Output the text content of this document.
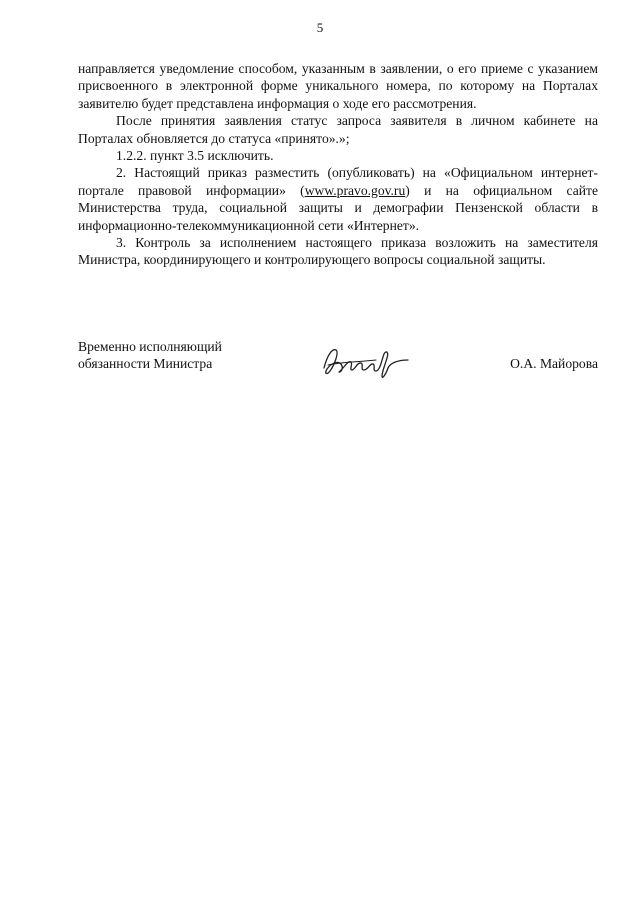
5

направляется уведомление способом, указанным в заявлении, о его приеме с указанием присвоенного в электронной форме уникального номера, по которому на Порталах заявителю будет представлена информация о ходе его рассмотрения.

После принятия заявления статус запроса заявителя в личном кабинете на Порталах обновляется до статуса «принято».»;

1.2.2. пункт 3.5 исключить.

2. Настоящий приказ разместить (опубликовать) на «Официальном интернет-портале правовой информации» (www.pravo.gov.ru) и на официальном сайте Министерства труда, социальной защиты и демографии Пензенской области в информационно-телекоммуникационной сети «Интернет».

3. Контроль за исполнением настоящего приказа возложить на заместителя Министра, координирующего и контролирующего вопросы социальной защиты.

Временно исполняющий
обязанности Министра	О.А. Майорова
